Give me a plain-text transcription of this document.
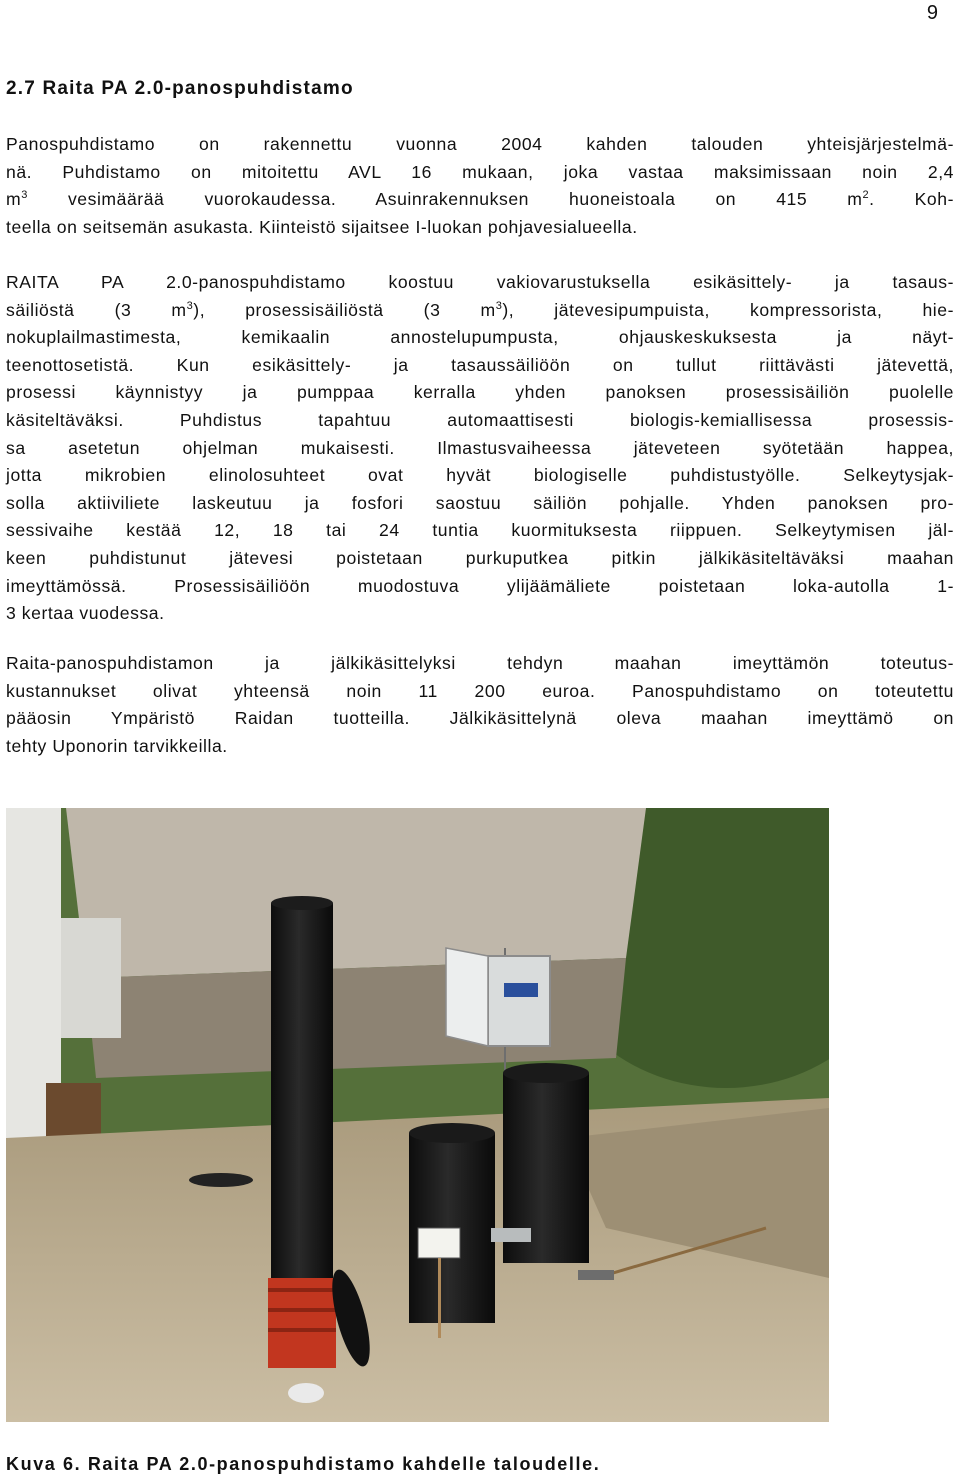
9
2.7 Raita PA 2.0-panospuhdistamo

Panospuhdistamo on rakennettu vuonna 2004 kahden talouden yhteisjärjestelmä-
nä. Puhdistamo on mitoitettu AVL 16 mukaan, joka vastaa maksimissaan noin 2,4
$m^3$ vesimäärää vuorokaudessa. Asuinrakennuksen huoneistoala on 415 $m^2$. Koh-
teella on seitsemän asukasta. Kiinteistö sijaitsee I-luokan pohjavesialueella.

RAITA PA 2.0-panospuhdistamo koostuu vakiovarustuksella esikäsittely- ja tasaus-
säiliöstä (3 $m^3$), prosessisäiliöstä (3 $m^3$), jätevesipumpuista, kompressorista, hie-
nokuplailmastimesta, kemikaalin annostelupumpusta, ohjauskeskuksesta ja näyt-
teenottosetistä. Kun esikäsittely- ja tasaussäiliöön on tullut riittävästi jätevettä,
prosessi käynnistyy ja pumppaa kerralla yhden panoksen prosessisäiliön puolelle
käsiteltäväksi. Puhdistus tapahtuu automaattisesti biologis-kemiallisessa prosessis-
sa asetetun ohjelman mukaisesti. Ilmastusvaiheessa jäteveteen syötetään happea,
jotta mikrobien elinolosuhteet ovat hyvät biologiselle puhdistustyölle. Selkeytysjak-
solla aktiiviliete laskeutuu ja fosfori saostuu säiliön pohjalle. Yhden panoksen pro-
sessivaihe kestää 12, 18 tai 24 tuntia kuormituksesta riippuen. Selkeytymisen jäl-
keen puhdistunut jätevesi poistetaan purkuputkea pitkin jälkikäsiteltäväksi maahan
imeyttämössä. Prosessisäiliöön muodostuva ylijäämäliete poistetaan loka-autolla 1-
3 kertaa vuodessa.

Raita-panospuhdistamon ja jälkikäsittelyksi tehdyn maahan imeyttämön toteutus-
kustannukset olivat yhteensä noin 11 200 euroa. Panospuhdistamo on toteutettu
pääosin Ympäristö Raidan tuotteilla. Jälkikäsittelynä oleva maahan imeyttämö on
tehty Uponorin tarvikkeilla.

Kuva 6. Raita PA 2.0-panospuhdistamo kahdelle taloudelle.
